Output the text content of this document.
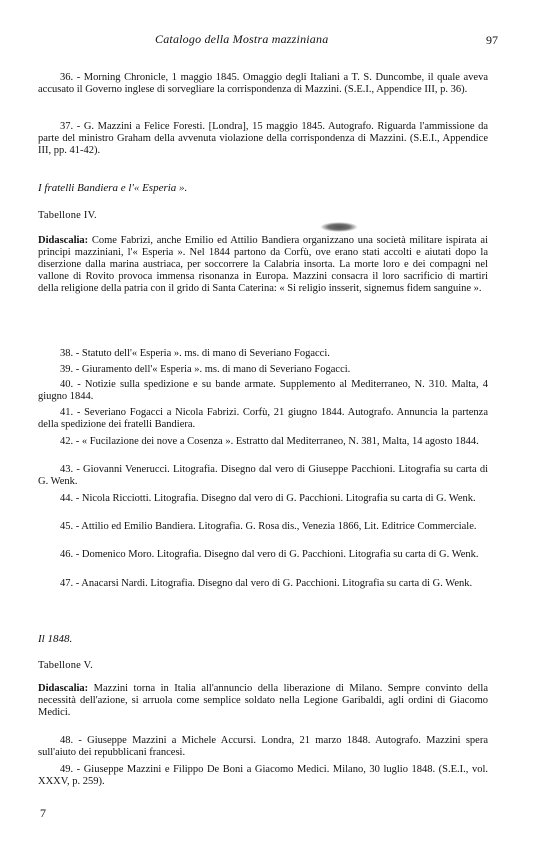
Catalogo della Mostra mazziniana	97
36. - Morning Chronicle, 1 maggio 1845. Omaggio degli Italiani a T. S. Duncombe, il quale aveva accusato il Governo inglese di sorvegliare la corrispondenza di Mazzini. (S.E.I., Appendice III, p. 36).
37. - G. Mazzini a Felice Foresti. [Londra], 15 maggio 1845. Autografo. Riguarda l'ammissione da parte del ministro Graham della avvenuta violazione della corrispondenza di Mazzini. (S.E.I., Appendice III, pp. 41-42).
I fratelli Bandiera e l'« Esperia ».
Tabellone IV.
Didascalia: Come Fabrizi, anche Emilio ed Attilio Bandiera organizzano una società militare ispirata ai principi mazziniani, l'« Esperia ». Nel 1844 partono da Corfù, ove erano stati accolti e aiutati dopo la diserzione dalla marina austriaca, per soccorrere la Calabria insorta. La morte loro e dei compagni nel vallone di Rovito provoca immensa risonanza in Europa. Mazzini consacra il loro sacrificio di martiri della religione della patria con il grido di Santa Caterina: « Si religio insserit, signemus fidem sanguine ».
38. - Statuto dell'« Esperia ». ms. di mano di Severiano Fogacci.
39. - Giuramento dell'« Esperia ». ms. di mano di Severiano Fogacci.
40. - Notizie sulla spedizione e su bande armate. Supplemento al Mediterraneo, N. 310. Malta, 4 giugno 1844.
41. - Severiano Fogacci a Nicola Fabrizi. Corfù, 21 giugno 1844. Autografo. Annuncia la partenza della spedizione dei fratelli Bandiera.
42. - « Fucilazione dei nove a Cosenza ». Estratto dal Mediterraneo, N. 381, Malta, 14 agosto 1844.
43. - Giovanni Venerucci. Litografia. Disegno dal vero di Giuseppe Pacchioni. Litografia su carta di G. Wenk.
44. - Nicola Ricciotti. Litografia. Disegno dal vero di G. Pacchioni. Litografia su carta di G. Wenk.
45. - Attilio ed Emilio Bandiera. Litografia. G. Rosa dis., Venezia 1866, Lit. Editrice Commerciale.
46. - Domenico Moro. Litografia. Disegno dal vero di G. Pacchioni. Litografia su carta di G. Wenk.
47. - Anacarsi Nardi. Litografia. Disegno dal vero di G. Pacchioni. Litografia su carta di G. Wenk.
Il 1848.
Tabellone V.
Didascalia: Mazzini torna in Italia all'annuncio della liberazione di Milano. Sempre convinto della necessità dell'azione, si arruola come semplice soldato nella Legione Garibaldi, agli ordini di Giacomo Medici.
48. - Giuseppe Mazzini a Michele Accursi. Londra, 21 marzo 1848. Autografo. Mazzini spera sull'aiuto dei repubblicani francesi.
49. - Giuseppe Mazzini e Filippo De Boni a Giacomo Medici. Milano, 30 luglio 1848. (S.E.I., vol. XXXV, p. 259).
7
